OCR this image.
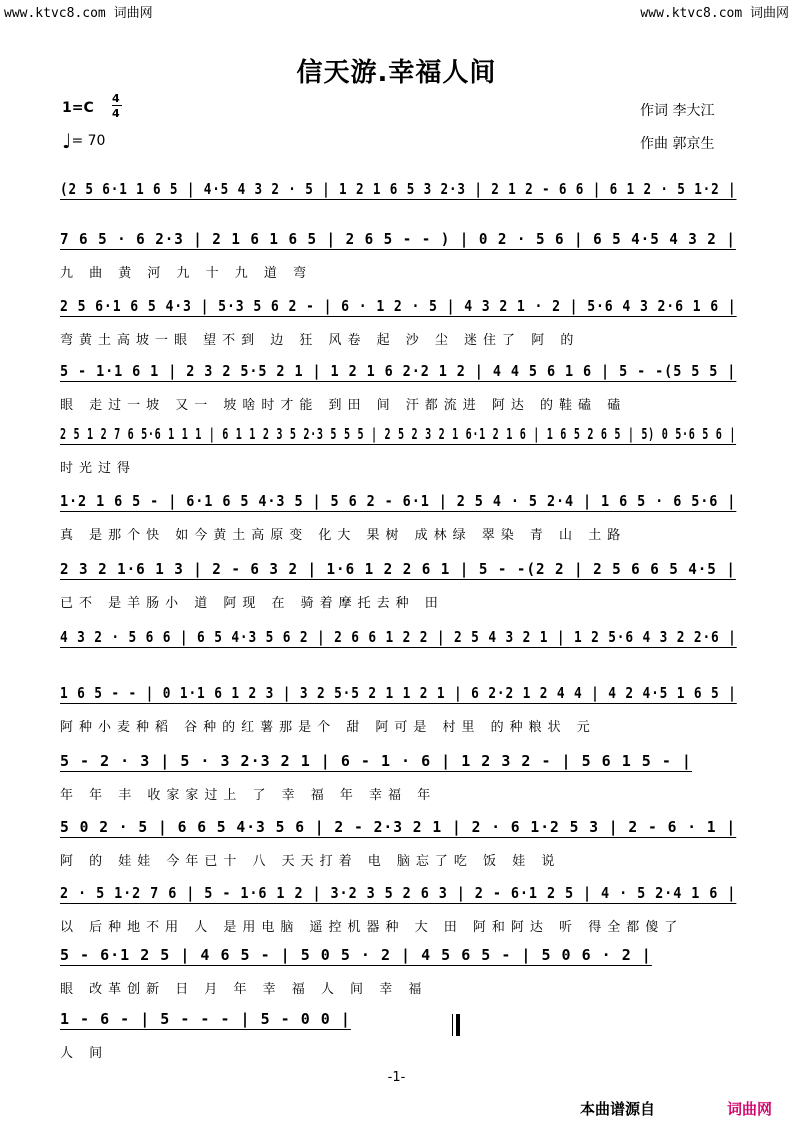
www.ktvc8.com 词曲网	www.ktvc8.com 词曲网
信天游.幸福人间
1=C
4
4
♩= 70
作词 李大江
作曲 郭京生
(2 5 6·1 1 6 5 | 4·5 4 3 2 · 5 | 1 2 1 6 5 3 2·3 | 2 1 2 - 6 6 | 6 1 2 · 5 1·2 |
7 6 5 · 6 2·3 | 2 1 6 1 6 5 | 2 6 5 - - ) | 0 2 · 5 6 | 6 5 4·5 4 3 2 |
九 曲 黄 河 九 十 九 道 弯
2 5 6·1 6 5 4·3 | 5·3 5 6 2 - | 6 · 1 2 · 5 | 4 3 2 1 · 2 | 5·6 4 3 2·6 1 6 |
弯黄土高坡一眼 望不到 边 狂 风卷 起 沙 尘 迷住了 阿 的
5 - 1·1 6 1 | 2 3 2 5·5 2 1 | 1 2 1 6 2·2 1 2 | 4 4 5 6 1 6 | 5 - -(5 5 5 |
眼 走过一坡 又一 坡啥时才能 到田 间 汗都流进 阿达 的鞋磕 磕
2 5 1 2 7 6 5·6 1 1 1 | 6 1 1 2 3 5 2·3 5 5 5 | 2 5 2 3 2 1 6·1 2 1 6 | 1 6 5 2 6 5 | 5) 0 5·6 5 6 |
时光过得
1·2 1 6 5 - | 6·1 6 5 4·3 5 | 5 6 2 - 6·1 | 2 5 4 · 5 2·4 | 1 6 5 · 6 5·6 |
真 是那个快 如今黄土高原变 化大 果树 成林绿 翠染 青 山 土路
2 3 2 1·6 1 3 | 2 - 6 3 2 | 1·6 1 2 2 6 1 | 5 - -(2 2 | 2 5 6 6 5 4·5 |
已不 是羊肠小 道 阿现 在 骑着摩托去种 田
4 3 2 · 5 6 6 | 6 5 4·3 5 6 2 | 2 6 6 1 2 2 | 2 5 4 3 2 1 | 1 2 5·6 4 3 2 2·6 |
1 6 5 - - | 0 1·1 6 1 2 3 | 3 2 5·5 2 1 1 2 1 | 6 2·2 1 2 4 4 | 4 2 4·5 1 6 5 |
阿种小麦种稻 谷种的红薯那是个 甜 阿可是 村里 的种粮状 元
5 - 2 · 3 | 5 · 3 2·3 2 1 | 6 - 1 · 6 | 1 2 3 2 - | 5 6 1 5 - |
年 年 丰 收家家过上 了 幸 福 年 幸福 年
5 0 2 · 5 | 6 6 5 4·3 5 6 | 2 - 2·3 2 1 | 2 · 6 1·2 5 3 | 2 - 6 · 1 |
阿 的 娃娃 今年已十 八 天天打着 电 脑忘了吃 饭 娃 说
2 · 5 1·2 7 6 | 5 - 1·6 1 2 | 3·2 3 5 2 6 3 | 2 - 6·1 2 5 | 4 · 5 2·4 1 6 |
以 后种地不用 人 是用电脑 遥控机器种 大 田 阿和阿达 听 得全都傻了
5 - 6·1 2 5 | 4 6 5 - | 5 0 5 · 2 | 4 5 6 5 - | 5 0 6 · 2 |
眼 改革创新 日 月 年 幸 福 人 间 幸 福
1 - 6 - | 5 - - - | 5 - 0 0 |
人 间
-1-
本曲谱源自	词曲网
